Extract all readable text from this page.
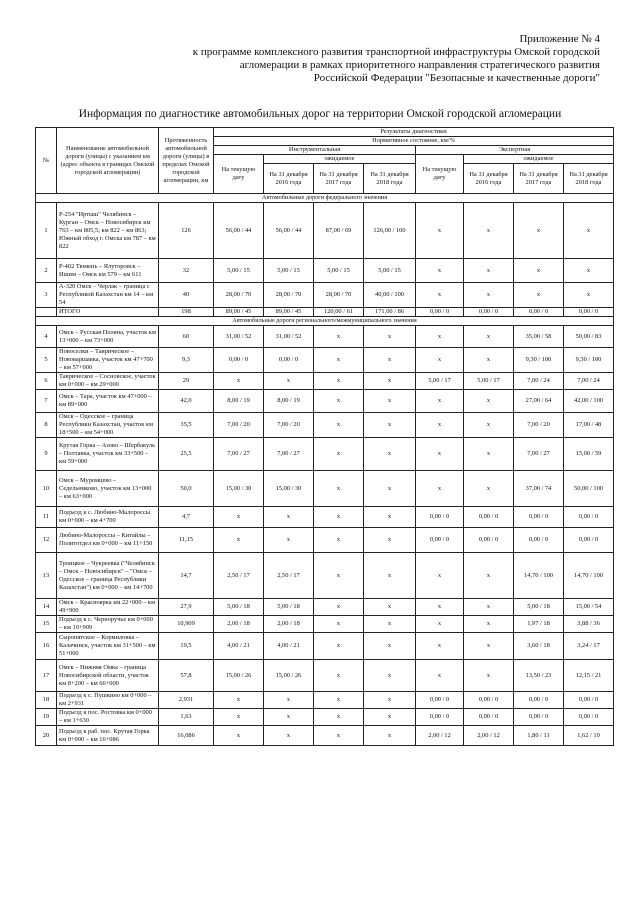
Приложение № 4
к программе комплексного развития транспортной инфраструктуры Омской городской
агломерации в рамках приоритетного направления стратегического развития
Российской Федерации "Безопасные и качественные дороги"
Информация по диагностике автомобильных дорог на территории Омской городской агломерации
№	Наименование автомобильной дороги (улицы) с указанием км (адрес объекта в границах Омской городской агломерации)	Протяженность автомобильной дороги (улицы) в пределах Омской городской агломерации, км	Результаты диагностики							
			Нормативное состояние, км/%							
			Инструментальная				Экспертная			
			На текущую дату	ожидаемое			На текущую дату	ожидаемое		
				На 31 декабря 2016 года	На 31 декабря 2017 года	На 31 декабря 2018 года		На 31 декабря 2016 года	На 31 декабря 2017 года	На 31 декабря 2018 года
Автомобильные дороги федерального значения										
1	Р-254 "Иртыш" Челябинск – Курган – Омск – Новосибирск км 763 – км 805,5; км 822 – км 863; Южный обход г. Омска км 787 – км 822	126	56,00 / 44	56,00 / 44	87,00 / 69	126,00 / 100	x	x	x	x
2	Р-402 Тюмень – Ялуторовск – Ишим – Омск км 579 – км 611	32	5,00 / 15	5,00 / 15	5,00 / 15	5,00 / 15	x	x	x	x
3	А-320 Омск – Черлак – граница с Республикой Казахстан км 14 – км 54	40	28,00 / 70	28,00 / 70	28,00 / 70	40,00 / 100	x	x	x	x
	ИТОГО	198	89,00 / 45	89,00 / 45	120,00 / 61	171,00 / 86	0,00 / 0	0,00 / 0	0,00 / 0	0,00 / 0
Автомобильные дороги регионального/межмуниципального значения										
4	Омск – Русская Поляна, участок км 13+000 – км 73+000	60	31,00 / 52	31,00 / 52	x	x	x	x	35,00 / 58	50,00 / 83
5	Новоселки – Таврическое – Нововаршавка, участок км 47+700 – км 57+000	9,3	0,00 / 0	0,00 / 0	x	x	x	x	9,30 / 100	9,30 / 100
6	Таврическое – Сосновское, участок км 0+000 – км 29+000	29	x	x	x	x	5,00 / 17	5,00 / 17	7,00 / 24	7,00 / 24
7	Омск – Тара, участок км 47+000 – км 89+000	42,0	8,00 / 19	8,00 / 19	x	x	x	x	27,00 / 64	42,00 / 100
8	Омск – Одесское – граница Республики Казахстан, участок км 18+500 – км 54+000	35,5	7,00 / 20	7,00 / 20	x	x	x	x	7,00 / 20	17,00 / 48
9	Крутая Горка – Азово – Шербакуль – Полтавка, участок км 33+500 – км 59+000	25,5	7,00 / 27	7,00 / 27	x	x	x	x	7,00 / 27	15,00 / 59
10	Омск – Муромцево – Седельниково, участок км 13+000 – км 63+000	50,0	15,00 / 30	15,00 / 30	x	x	x	x	37,00 / 74	50,00 / 100
11	Подъезд к с. Любино-Малороссы км 0+000 – км 4+700	4,7	x	x	x	x	0,00 / 0	0,00 / 0	0,00 / 0	0,00 / 0
12	Любино-Малороссы – Китайлы – Политотдел км 0+000 – км 11+150	11,15	x	x	x	x	0,00 / 0	0,00 / 0	0,00 / 0	0,00 / 0
13	Троицкое – Чукреевка ("Челябинск – Омск – Новосибирск" – "Омск – Одесское – граница Республики Казахстан") км 0+000 – км 14+700	14,7	2,50 / 17	2,50 / 17	x	x	x	x	14,70 / 100	14,70 / 100
14	Омск – Красноярка км 22+000 – км 49+900	27,9	5,00 / 18	5,00 / 18	x	x	x	x	5,00 / 18	15,00 / 54
15	Подъезд к с. Черноручье км 0+000 – км 10+909	10,909	2,00 / 18	2,00 / 18	x	x	x	x	1,97 / 18	3,88 / 36
16	Сыропятское – Кормиловка – Калачинск, участок км 31+500 – км 51+000	19,5	4,00 / 21	4,00 / 21	x	x	x	x	3,60 / 18	3,24 / 17
17	Омск – Нижняя Омка – граница Новосибирской области, участок км 8+200 – км 66+000	57,8	15,00 / 26	15,00 / 26	x	x	x	x	13,50 / 23	12,15 / 21
18	Подъезд к с. Пушкино км 0+000 – км 2+931	2,931	x	x	x	x	0,00 / 0	0,00 / 0	0,00 / 0	0,00 / 0
19	Подъезд к пос. Ростовка км 0+000 – км 1+630	1,63	x	x	x	x	0,00 / 0	0,00 / 0	0,00 / 0	0,00 / 0
20	Подъезд к раб. пос. Крутая Горка км 0+000 – км 16+086	16,086	x	x	x	x	2,00 / 12	2,00 / 12	1,80 / 11	1,62 / 10
